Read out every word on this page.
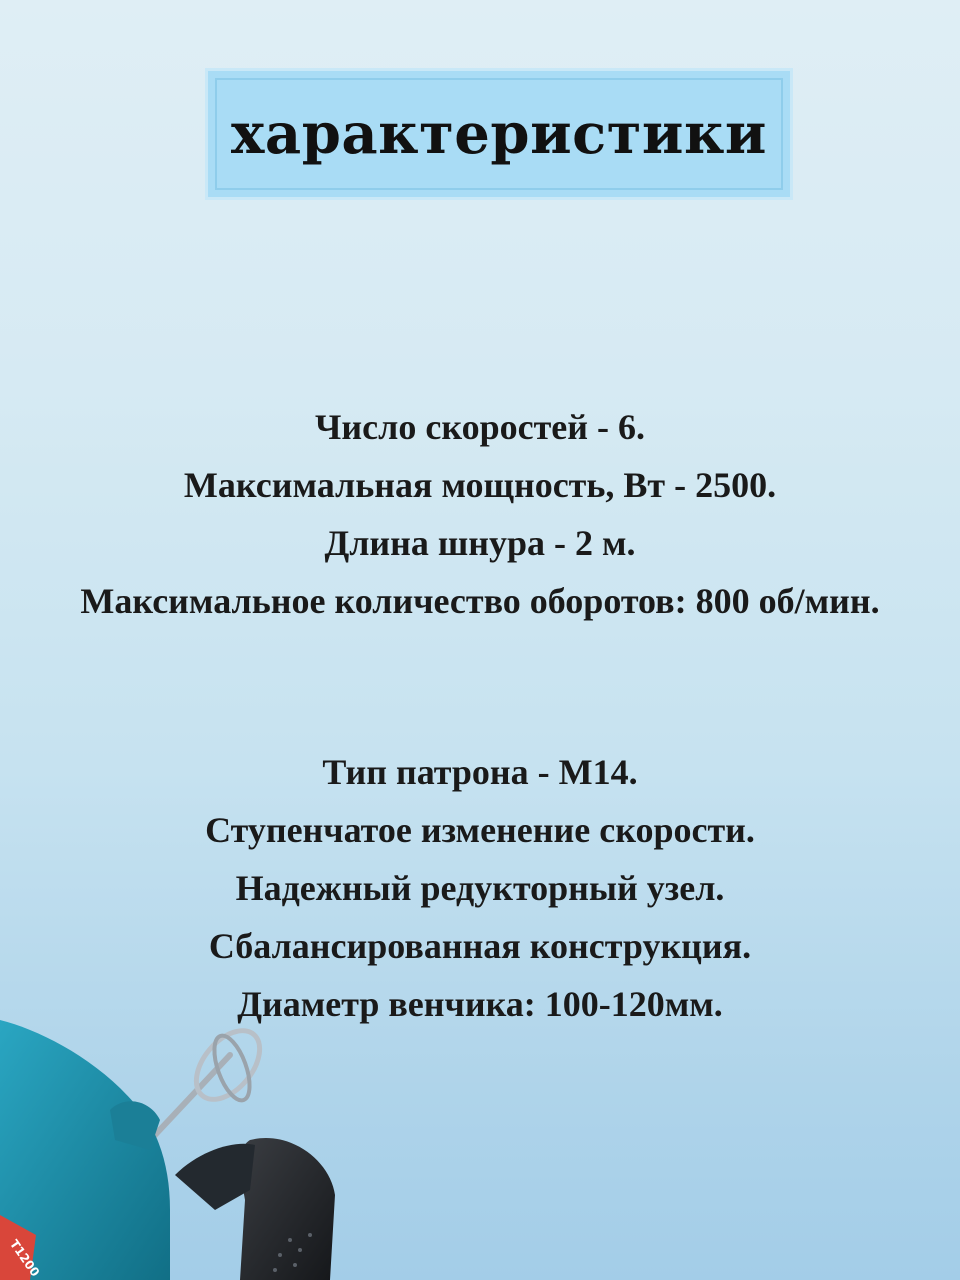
характеристики
Число скоростей - 6.
Максимальная мощность, Вт - 2500.
Длина шнура - 2 м.
Максимальное количество оборотов: 800 об/мин.
Тип патрона - М14.
Ступенчатое изменение скорости.
Надежный редукторный узел.
Сбалансированная конструкция.
Диаметр венчика: 100-120мм.
T1200
